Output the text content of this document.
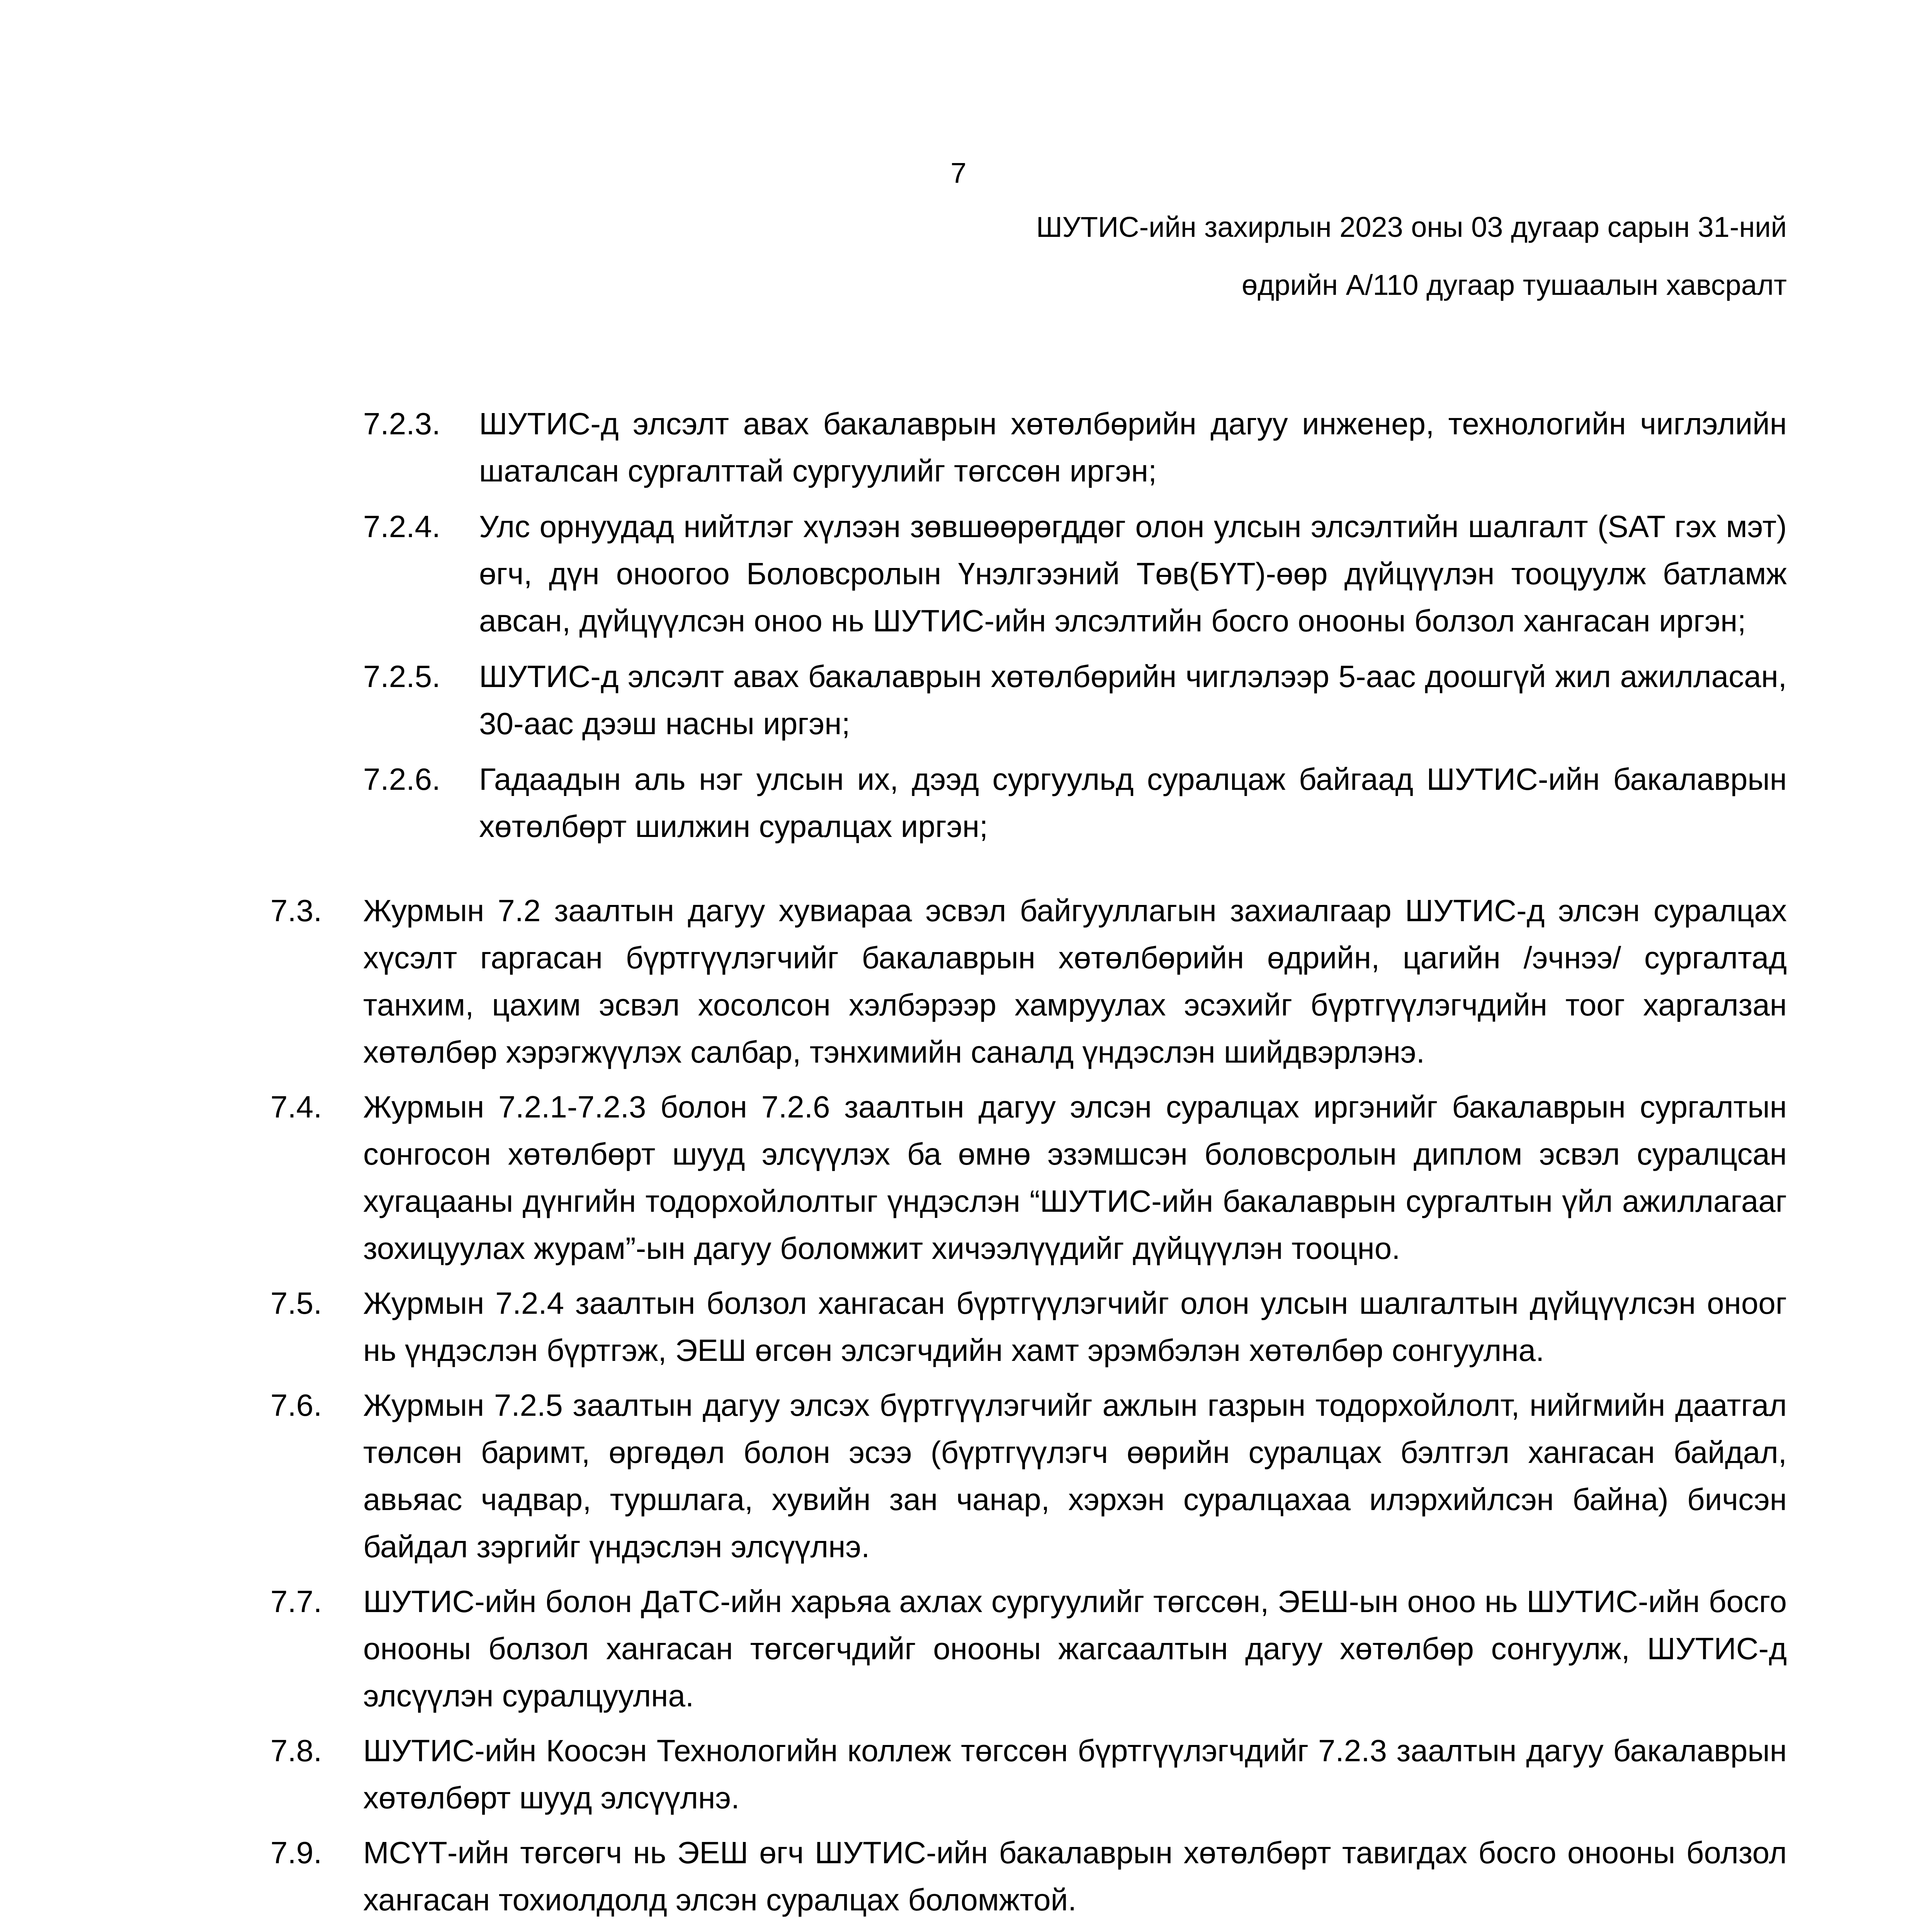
7
ШУТИС-ийн захирлын 2023 оны 03 дугаар сарын 31-ний
өдрийн А/110 дугаар тушаалын хавсралт
7.2.3. ШУТИС-д элсэлт авах бакалаврын хөтөлбөрийн дагуу инженер, технологийн чиглэлийн шаталсан сургалттай сургуулийг төгссөн иргэн;
7.2.4. Улс орнуудад нийтлэг хүлээн зөвшөөрөгддөг олон улсын элсэлтийн шалгалт (SAT гэх мэт) өгч, дүн оноогоо Боловсролын Үнэлгээний Төв(БҮТ)-өөр дүйцүүлэн тооцуулж батламж авсан, дүйцүүлсэн оноо нь ШУТИС-ийн элсэлтийн босго онооны болзол хангасан иргэн;
7.2.5. ШУТИС-д элсэлт авах бакалаврын хөтөлбөрийн чиглэлээр 5-аас доошгүй жил ажилласан, 30-аас дээш насны иргэн;
7.2.6. Гадаадын аль нэг улсын их, дээд сургуульд суралцаж байгаад ШУТИС-ийн бакалаврын хөтөлбөрт шилжин суралцах иргэн;
7.3. Журмын 7.2 заалтын дагуу хувиараа эсвэл байгууллагын захиалгаар ШУТИС-д элсэн суралцах хүсэлт гаргасан бүртгүүлэгчийг бакалаврын хөтөлбөрийн өдрийн, цагийн /эчнээ/ сургалтад танхим, цахим эсвэл хосолсон хэлбэрээр хамруулах эсэхийг бүртгүүлэгчдийн тоог харгалзан хөтөлбөр хэрэгжүүлэх салбар, тэнхимийн саналд үндэслэн шийдвэрлэнэ.
7.4. Журмын 7.2.1-7.2.3 болон 7.2.6 заалтын дагуу элсэн суралцах иргэнийг бакалаврын сургалтын сонгосон хөтөлбөрт шууд элсүүлэх ба өмнө эзэмшсэн боловсролын диплом эсвэл суралцсан хугацааны дүнгийн тодорхойлолтыг үндэслэн “ШУТИС-ийн бакалаврын сургалтын үйл ажиллагааг зохицуулах журам”-ын дагуу боломжит хичээлүүдийг дүйцүүлэн тооцно.
7.5. Журмын 7.2.4 заалтын болзол хангасан бүртгүүлэгчийг олон улсын шалгалтын дүйцүүлсэн оноог нь үндэслэн бүртгэж, ЭЕШ өгсөн элсэгчдийн хамт эрэмбэлэн хөтөлбөр сонгуулна.
7.6. Журмын 7.2.5 заалтын дагуу элсэх бүртгүүлэгчийг ажлын газрын тодорхойлолт, нийгмийн даатгал төлсөн баримт, өргөдөл болон эсээ (бүртгүүлэгч өөрийн суралцах бэлтгэл хангасан байдал, авьяас чадвар, туршлага, хувийн зан чанар, хэрхэн суралцахаа илэрхийлсэн байна) бичсэн байдал зэргийг үндэслэн элсүүлнэ.
7.7. ШУТИС-ийн болон ДаТС-ийн харьяа ахлах сургуулийг төгссөн, ЭЕШ-ын оноо нь ШУТИС-ийн босго онооны болзол хангасан төгсөгчдийг онооны жагсаалтын дагуу хөтөлбөр сонгуулж, ШУТИС-д элсүүлэн суралцуулна.
7.8. ШУТИС-ийн Коосэн Технологийн коллеж төгссөн бүртгүүлэгчдийг 7.2.3 заалтын дагуу бакалаврын хөтөлбөрт шууд элсүүлнэ.
7.9. МСҮТ-ийн төгсөгч нь ЭЕШ өгч ШУТИС-ийн бакалаврын хөтөлбөрт тавигдах босго онооны болзол хангасан тохиолдолд элсэн суралцах боломжтой.
